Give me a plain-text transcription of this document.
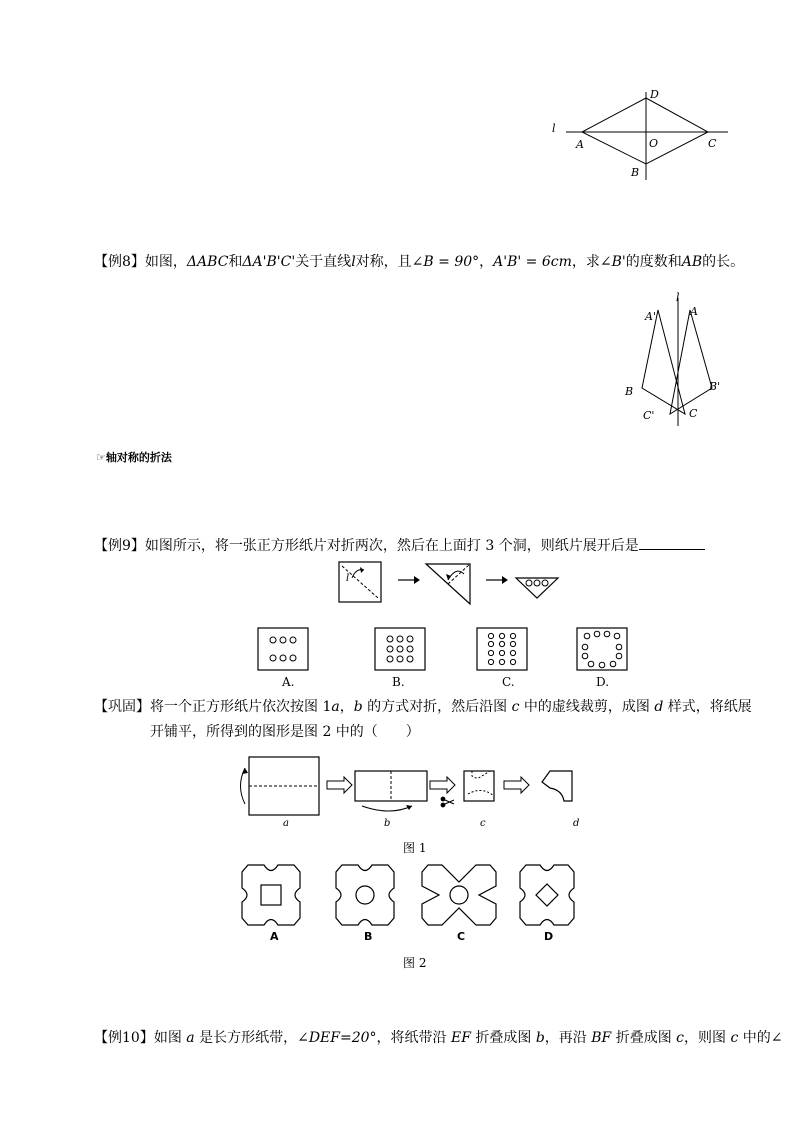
D
l
A	O	C
B
【例8】如图，ΔABC和ΔA'B'C'关于直线l对称，且∠B = 90°，A'B' = 6cm，求∠B'的度数和AB的长。
l
A'	A
B	B'
C'	C
☞轴对称的折法
【例9】如图所示，将一张正方形纸片对折两次，然后在上面打 3 个洞，则纸片展开后是
l
A.	B.	C.	D.
【巩固】将一个正方形纸片依次按图 1a，b 的方式对折，然后沿图 c 中的虚线裁剪，成图 d 样式，将纸展
开铺平，所得到的图形是图 2 中的（　　）
a	b	c	d
图 1
A	B	C	D
图 2
【例10】如图 a 是长方形纸带，∠DEF=20°，将纸带沿 EF 折叠成图 b，再沿 BF 折叠成图 c，则图 c 中的∠
